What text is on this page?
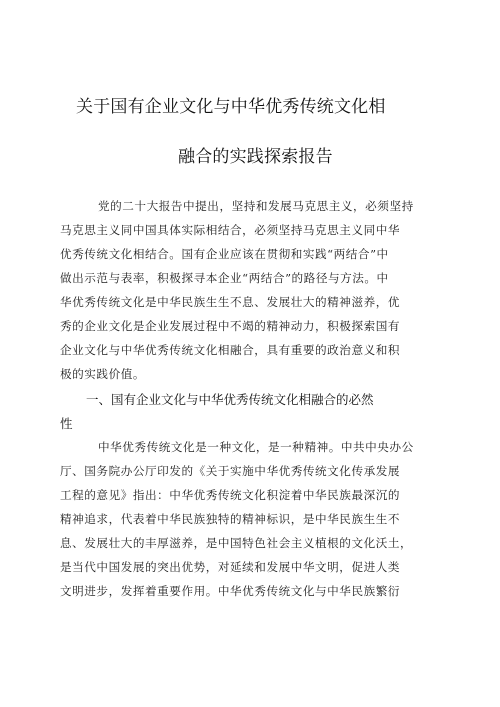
关于国有企业文化与中华优秀传统文化相
融合的实践探索报告
党的二十大报告中提出，坚持和发展马克思主义，必须坚持
马克思主义同中国具体实际相结合，必须坚持马克思主义同中华
优秀传统文化相结合。国有企业应该在贯彻和实践“两结合”中
做出示范与表率，积极探寻本企业“两结合”的路径与方法。中
华优秀传统文化是中华民族生生不息、发展壮大的精神滋养，优
秀的企业文化是企业发展过程中不竭的精神动力，积极探索国有
企业文化与中华优秀传统文化相融合，具有重要的政治意义和积
极的实践价值。
一、国有企业文化与中华优秀传统文化相融合的必然
性
中华优秀传统文化是一种文化，是一种精神。中共中央办公
厅、国务院办公厅印发的《关于实施中华优秀传统文化传承发展
工程的意见》指出：中华优秀传统文化积淀着中华民族最深沉的
精神追求，代表着中华民族独特的精神标识，是中华民族生生不
息、发展壮大的丰厚滋养，是中国特色社会主义植根的文化沃土，
是当代中国发展的突出优势，对延续和发展中华文明，促进人类
文明进步，发挥着重要作用。中华优秀传统文化与中华民族繁衍
